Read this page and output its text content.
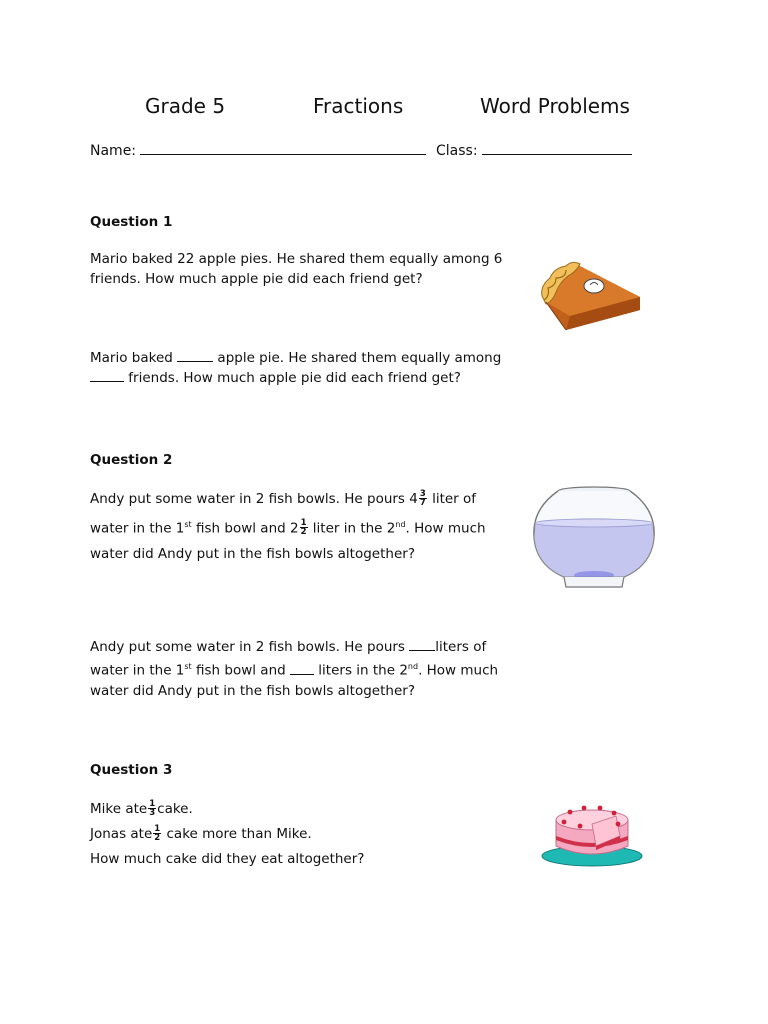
Grade 5	Fractions	Word Problems
Name:	Class:
Question 1
Mario baked 22 apple pies. He shared them equally among 6
friends. How much apple pie did each friend get?
Mario baked	apple pie. He shared them equally among
friends. How much apple pie did each friend get?
Question 2
Andy put some water in 2 fish bowls. He pours $4 \frac{3}{7}$ liter of
water in the 1st fish bowl and $2 \frac{1}{2}$ liter in the 2nd. How much
water did Andy put in the fish bowls altogether?
Andy put some water in 2 fish bowls. He pours liters of
water in the 1st fish bowl and liters in the 2nd. How much
water did Andy put in the fish bowls altogether?
Question 3
Mike ate $\frac{1}{3}$ cake.
Jonas ate $\frac{1}{2}$ cake more than Mike.
How much cake did they eat altogether?
